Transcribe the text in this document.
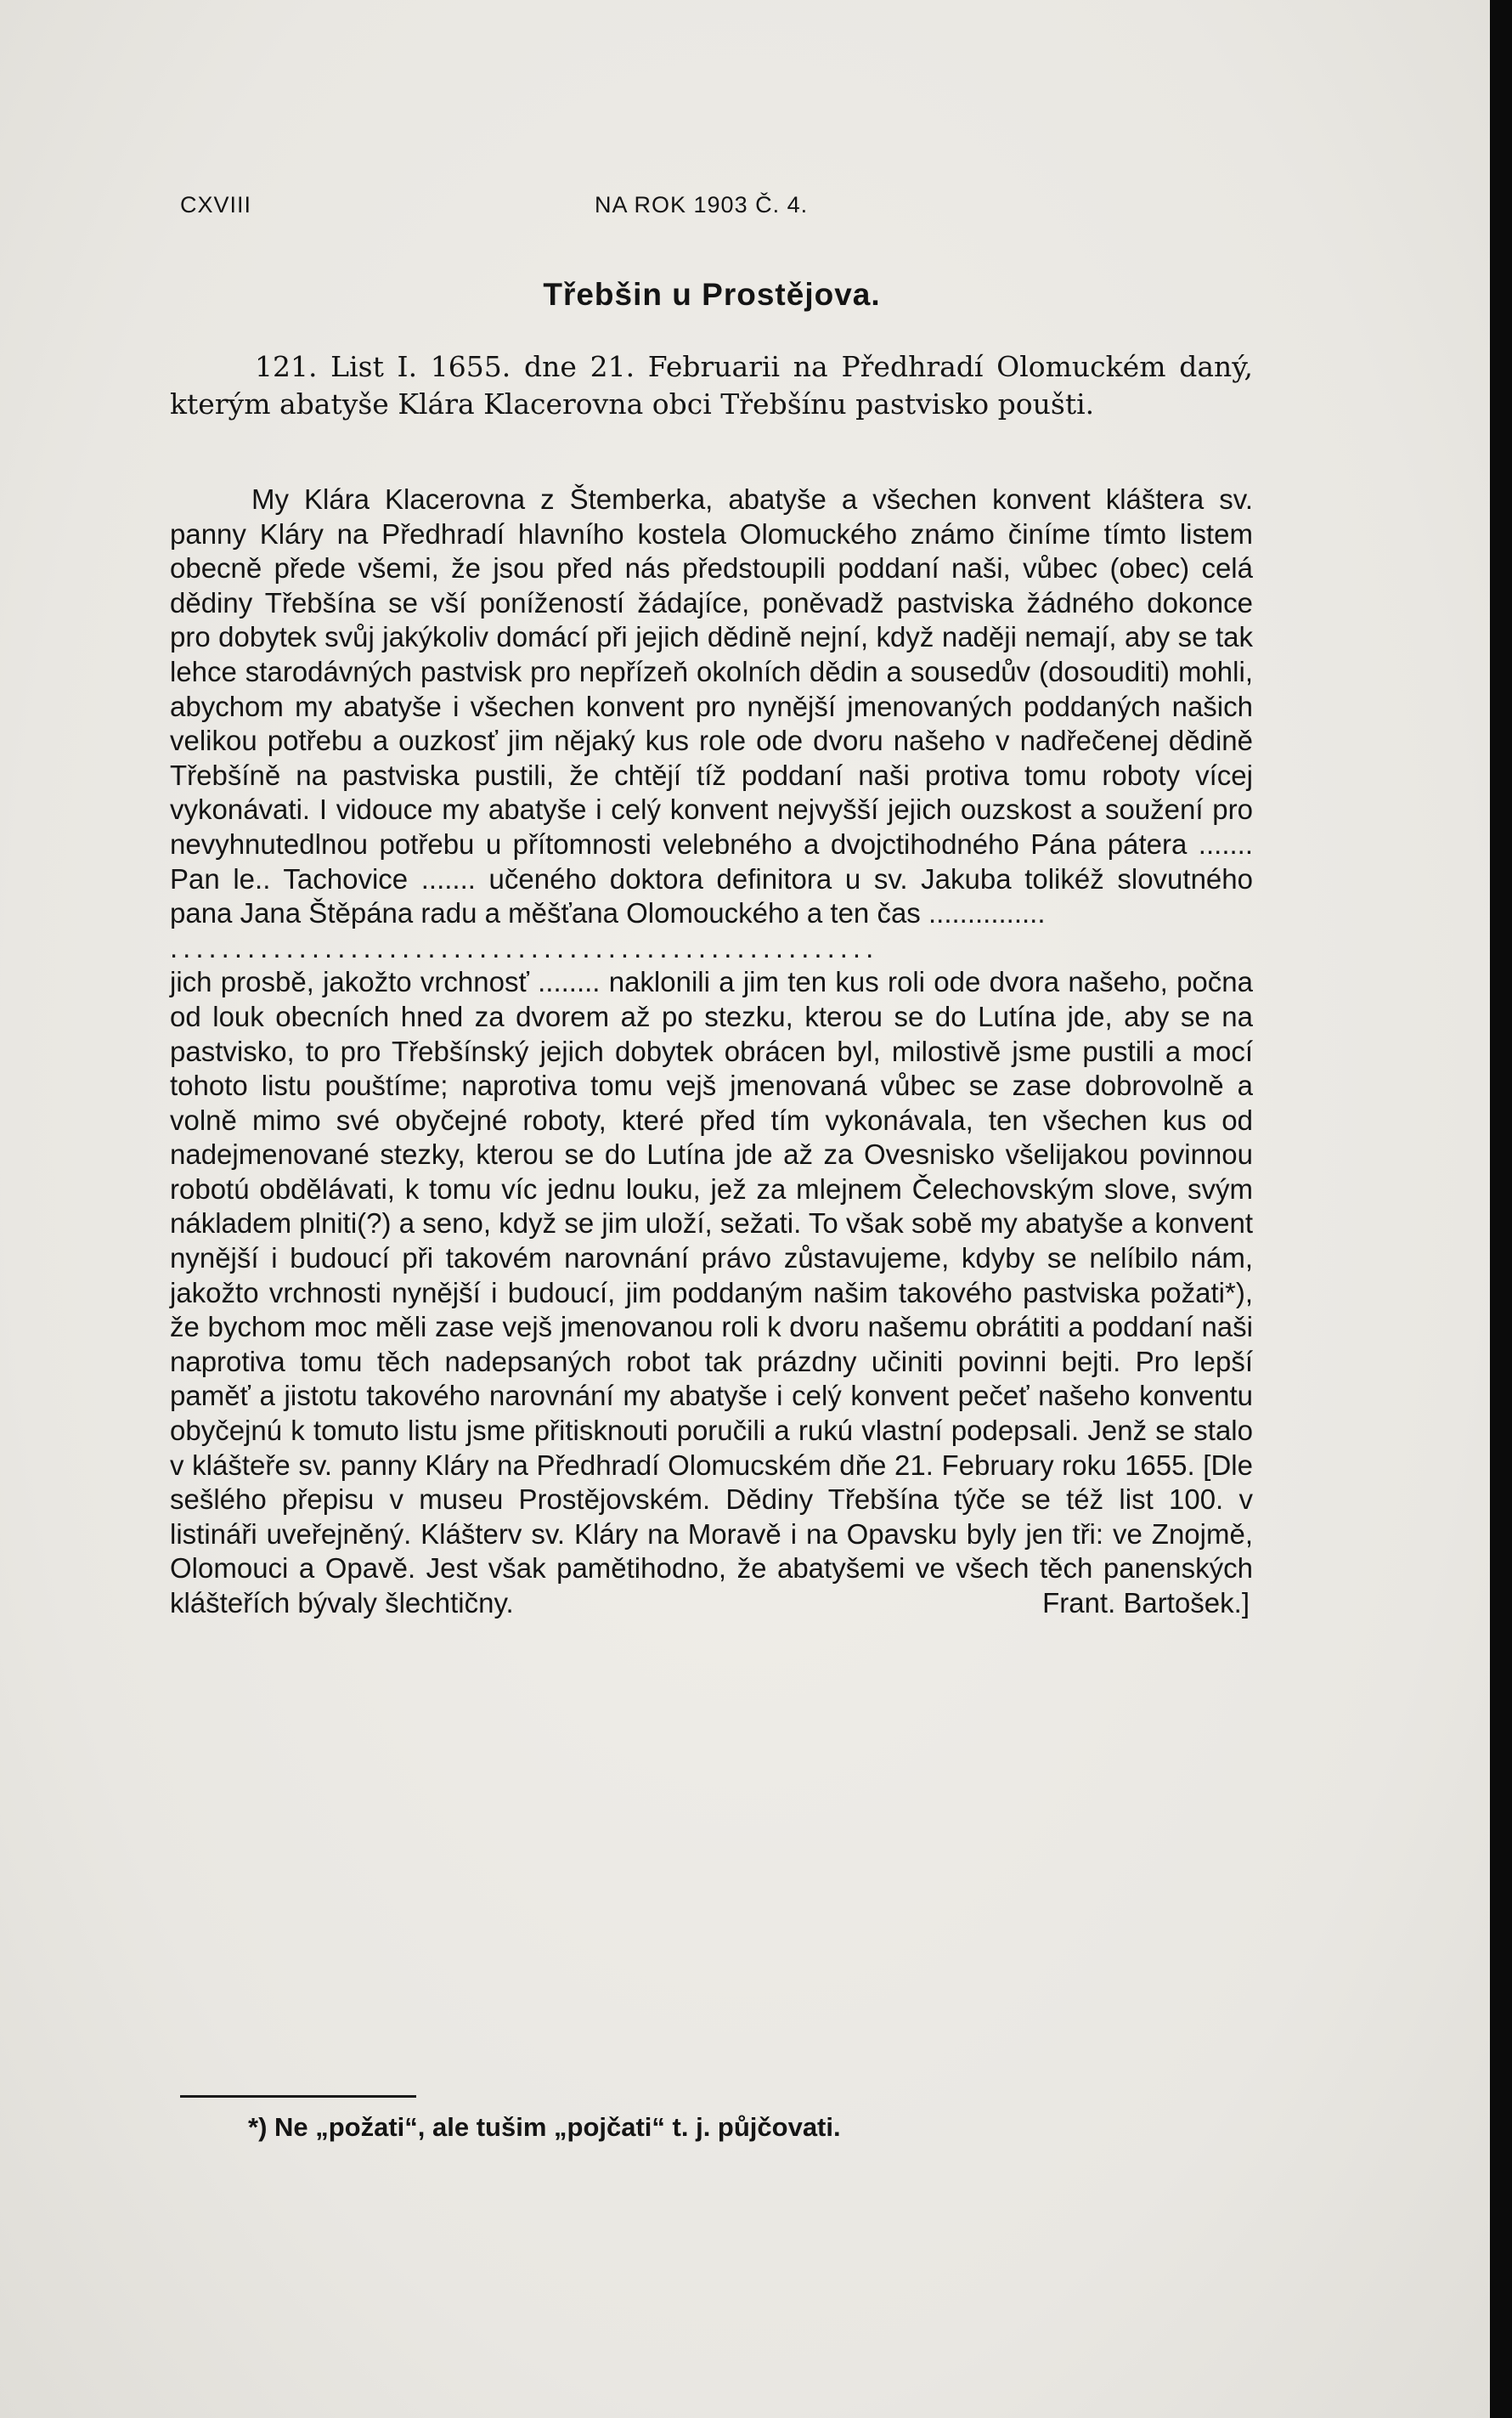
CXVIII	NA ROK 1903 Č. 4.
Třebšin u Prostějova.

121. List I. 1655. dne 21. Februarii na Předhradí Olomuckém daný, kterým abatyše Klára Klacerovna obci Třebšínu pastvisko poušti.

My Klára Klacerovna z Štemberka, abatyše a všechen konvent kláštera sv. panny Kláry na Předhradí hlavního kostela Olomuckého známo činíme tímto listem obecně přede všemi, že jsou před nás předstoupili poddaní naši, vůbec (obec) celá dědiny Třebšína se vší ponížeností žádajíce, poněvadž pastviska žádného dokonce pro dobytek svůj jakýkoliv domácí při jejich dědině nejní, když naději nemají, aby se tak lehce starodávných pastvisk pro nepřízeň okolních dědin a sousedův (dosouditi) mohli, abychom my abatyše i všechen konvent pro nynější jmenovaných poddaných našich velikou potřebu a ouzkosť jim nějaký kus role ode dvoru našeho v nadřečenej dědině Třebšíně na pastviska pustili, že chtějí tíž poddaní naši protiva tomu roboty vícej vykonávati. I vidouce my abatyše i celý konvent nejvyšší jejich ouzskost a soužení pro nevyhnutedlnou potřebu u přítomnosti velebného a dvojctihodného Pána pátera ....... Pan le.. Tachovice ....... učeného doktora definitora u sv. Jakuba tolikéž slovutného pana Jana Štěpána radu a měšťana Olomouckého a ten čas ...............

.......................................................

jich prosbě, jakožto vrchnosť ........ naklonili a jim ten kus roli ode dvora našeho, počna od louk obecních hned za dvorem až po stezku, kterou se do Lutína jde, aby se na pastvisko, to pro Třebšínský jejich dobytek obrácen byl, milostivě jsme pustili a mocí tohoto listu pouštíme; naprotiva tomu vejš jmenovaná vůbec se zase dobrovolně a volně mimo své obyčejné roboty, které před tím vykonávala, ten všechen kus od nadejmenované stezky, kterou se do Lutína jde až za Ovesnisko všelijakou povinnou robotú obdělávati, k tomu víc jednu louku, jež za mlejnem Čelechovským slove, svým nákladem plniti(?) a seno, když se jim uloží, sežati. To však sobě my abatyše a konvent nynější i budoucí při takovém narovnání právo zůstavujeme, kdyby se nelíbilo nám, jakožto vrchnosti nynější i budoucí, jim poddaným našim takového pastviska požati*), že bychom moc měli zase vejš jmenovanou roli k dvoru našemu obrátiti a poddaní naši naprotiva tomu těch nadepsaných robot tak prázdny učiniti povinni bejti. Pro lepší paměť a jistotu takového narovnání my abatyše i celý konvent pečeť našeho konventu obyčejnú k tomuto listu jsme přitisknouti poručili a rukú vlastní podepsali. Jenž se stalo v klášteře sv. panny Kláry na Předhradí Olomucském dňe 21. February roku 1655. [Dle sešlého přepisu v museu Prostějovském. Dědiny Třebšína týče se též list 100. v listináři uveřejněný. Klášterv sv. Kláry na Moravě i na Opavsku byly jen tři: ve Znojmě, Olomouci a Opavě. Jest však pamětihodno, že abatyšemi ve všech těch panenských klášteřích bývaly šlechtičny.	Frant. Bartošek.]

*) Ne „požati“, ale tušim „pojčati“ t. j. půjčovati.
